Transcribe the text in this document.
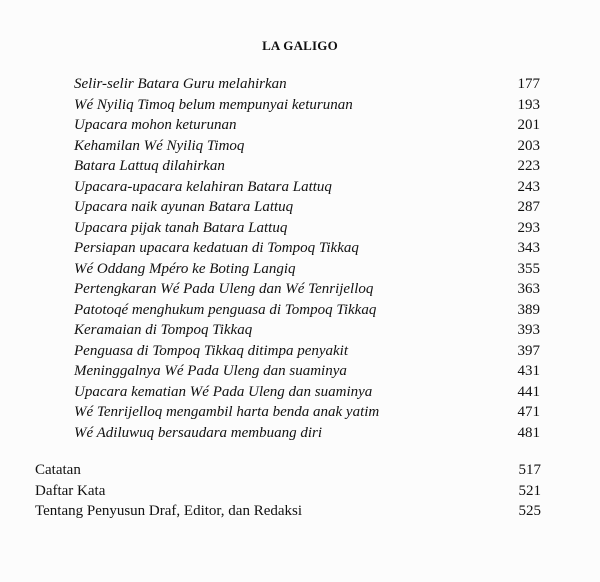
LA GALIGO
Selir-selir Batara Guru melahirkan	177
Wé Nyiliq Timoq belum mempunyai keturunan	193
Upacara mohon keturunan	201
Kehamilan Wé Nyiliq Timoq	203
Batara Lattuq dilahirkan	223
Upacara-upacara kelahiran Batara Lattuq	243
Upacara naik ayunan Batara Lattuq	287
Upacara pijak tanah Batara Lattuq	293
Persiapan upacara kedatuan di Tompoq Tikkaq	343
Wé Oddang Mpéro ke Boting Langiq	355
Pertengkaran Wé Pada Uleng dan Wé Tenrijelloq	363
Patotoqé menghukum penguasa di Tompoq Tikkaq	389
Keramaian di Tompoq Tikkaq	393
Penguasa di Tompoq Tikkaq ditimpa penyakit	397
Meninggalnya Wé Pada Uleng dan suaminya	431
Upacara kematian Wé Pada Uleng dan suaminya	441
Wé Tenrijelloq mengambil harta benda anak yatim	471
Wé Adiluwuq bersaudara membuang diri	481
Catatan	517
Daftar Kata	521
Tentang Penyusun Draf, Editor, dan Redaksi	525
